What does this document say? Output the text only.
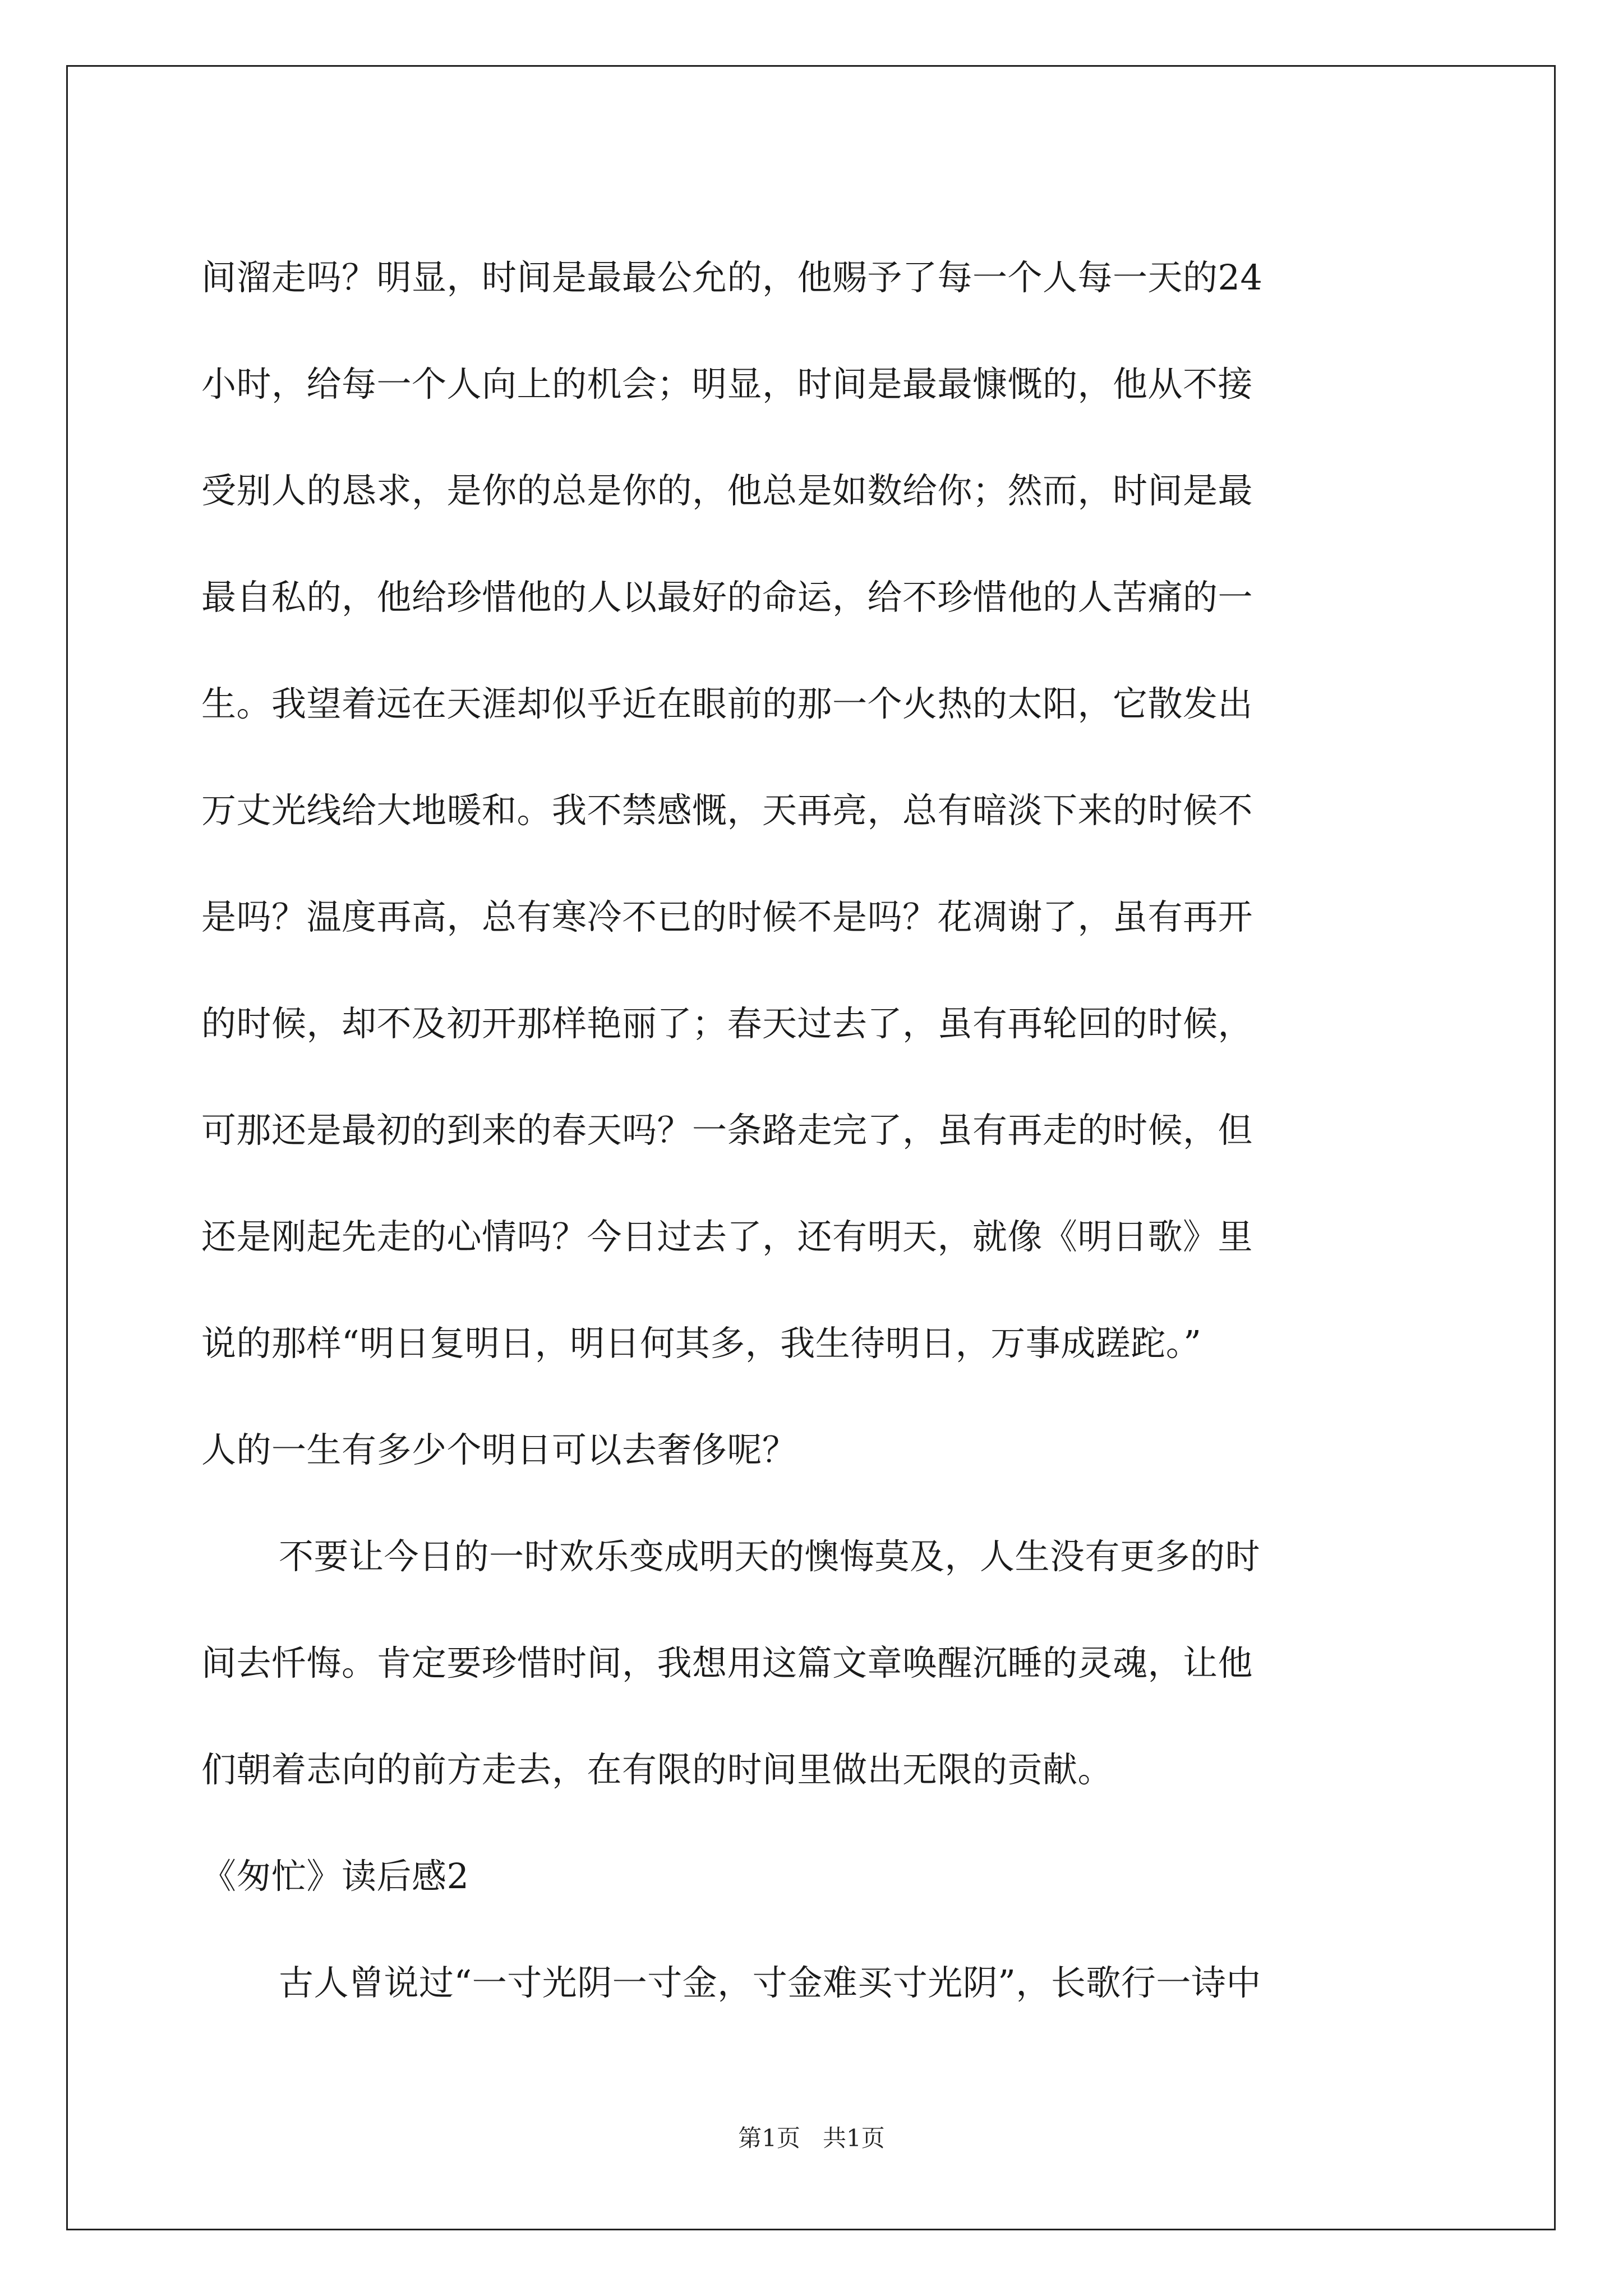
间溜走吗？明显，时间是最最公允的，他赐予了每一个人每一天的24
小时，给每一个人向上的机会；明显，时间是最最慷慨的，他从不接
受别人的恳求，是你的总是你的，他总是如数给你；然而，时间是最
最自私的，他给珍惜他的人以最好的命运，给不珍惜他的人苦痛的一
生。我望着远在天涯却似乎近在眼前的那一个火热的太阳，它散发出
万丈光线给大地暖和。我不禁感慨，天再亮，总有暗淡下来的时候不
是吗？温度再高，总有寒冷不已的时候不是吗？花凋谢了，虽有再开
的时候，却不及初开那样艳丽了；春天过去了，虽有再轮回的时候，
可那还是最初的到来的春天吗？一条路走完了，虽有再走的时候，但
还是刚起先走的心情吗？今日过去了，还有明天，就像《明日歌》里
说的那样“明日复明日，明日何其多，我生待明日，万事成蹉跎。”
人的一生有多少个明日可以去奢侈呢？
不要让今日的一时欢乐变成明天的懊悔莫及，人生没有更多的时
间去忏悔。肯定要珍惜时间，我想用这篇文章唤醒沉睡的灵魂，让他
们朝着志向的前方走去，在有限的时间里做出无限的贡献。
《匆忙》读后感2
古人曾说过“一寸光阴一寸金，寸金难买寸光阴”，长歌行一诗中
第1页 共1页
